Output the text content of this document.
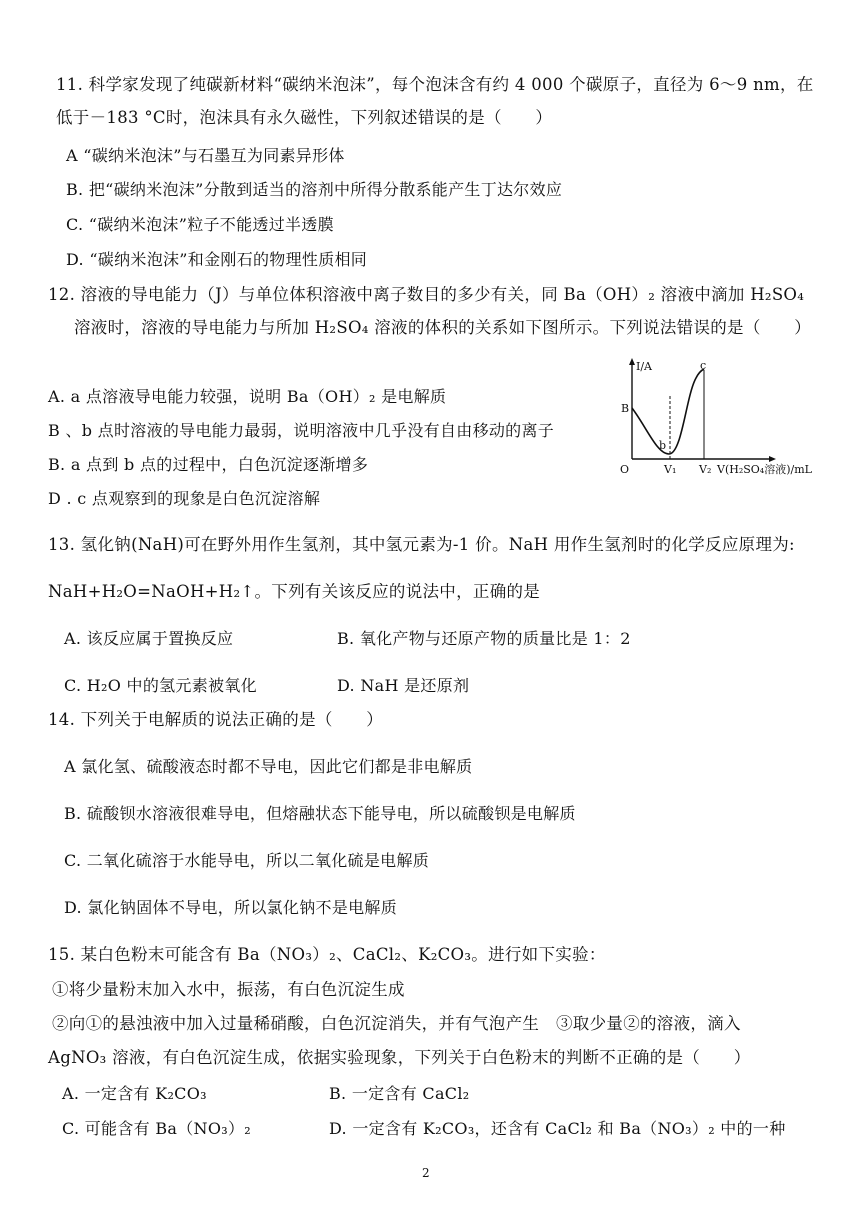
11. 科学家发现了纯碳新材料“碳纳米泡沫”，每个泡沫含有约 4 000 个碳原子，直径为 6～9 nm，在
低于－183 °C时，泡沫具有永久磁性，下列叙述错误的是（　　）
A “碳纳米泡沫”与石墨互为同素异形体
B. 把“碳纳米泡沫”分散到适当的溶剂中所得分散系能产生丁达尔效应
C. “碳纳米泡沫”粒子不能透过半透膜
D. “碳纳米泡沫”和金刚石的物理性质相同
12. 溶液的导电能力（J）与单位体积溶液中离子数目的多少有关，同 Ba（OH）₂ 溶液中滴加 H₂SO₄
溶液时，溶液的导电能力与所加 H₂SO₄ 溶液的体积的关系如下图所示。下列说法错误的是（　　）
A. a 点溶液导电能力较强，说明 Ba（OH）₂ 是电解质
B 、b 点时溶液的导电能力最弱，说明溶液中几乎没有自由移动的离子
B. a 点到 b 点的过程中，白色沉淀逐渐增多
D . c 点观察到的现象是白色沉淀溶解
I/A
B
b
c
O	V₁ V₂ V(H₂SO₄溶液)/mL
13. 氢化钠(NaH)可在野外用作生氢剂，其中氢元素为-1 价。NaH 用作生氢剂时的化学反应原理为:
NaH+H₂O=NaOH+H₂↑。下列有关该反应的说法中，正确的是
A. 该反应属于置换反应	B. 氧化产物与还原产物的质量比是 1：2
C. H₂O 中的氢元素被氧化	D. NaH 是还原剂
14. 下列关于电解质的说法正确的是（　　）
A 氯化氢、硫酸液态时都不导电，因此它们都是非电解质
B. 硫酸钡水溶液很难导电，但熔融状态下能导电，所以硫酸钡是电解质
C. 二氧化硫溶于水能导电，所以二氧化硫是电解质
D. 氯化钠固体不导电，所以氯化钠不是电解质
15. 某白色粉末可能含有 Ba（NO₃）₂、CaCl₂、K₂CO₃。进行如下实验：
①将少量粉末加入水中，振荡，有白色沉淀生成
②向①的悬浊液中加入过量稀硝酸，白色沉淀消失，并有气泡产生　③取少量②的溶液，滴入
AgNO₃ 溶液，有白色沉淀生成，依据实验现象，下列关于白色粉末的判断不正确的是（　　）
A. 一定含有 K₂CO₃	B. 一定含有 CaCl₂
C. 可能含有 Ba（NO₃）₂	D. 一定含有 K₂CO₃，还含有 CaCl₂ 和 Ba（NO₃）₂ 中的一种
2
